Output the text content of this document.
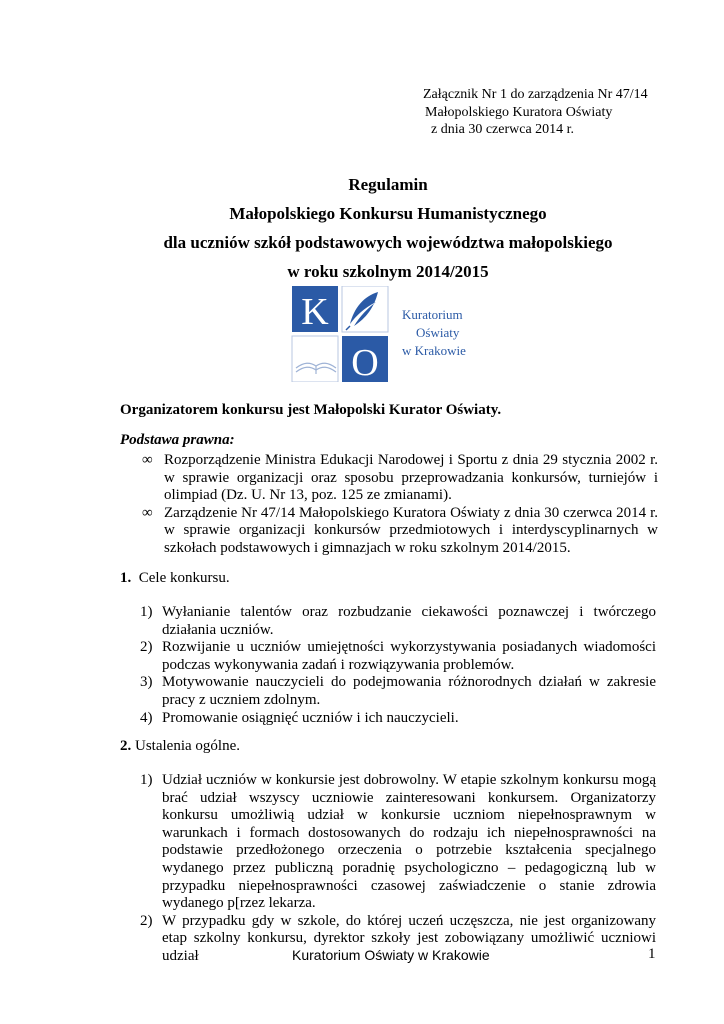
Załącznik Nr 1 do zarządzenia Nr 47/14
Małopolskiego Kuratora Oświaty
z dnia 30 czerwca 2014 r.
Regulamin
Małopolskiego Konkursu Humanistycznego
dla uczniów szkół podstawowych województwa małopolskiego
w roku szkolnym 2014/2015
K
O
Kuratorium
Oświaty
w Krakowie
Organizatorem konkursu jest Małopolski Kurator Oświaty.
Podstawa prawna:
∞ Rozporządzenie Ministra Edukacji Narodowej i Sportu z dnia 29 stycznia 2002 r. w sprawie organizacji oraz sposobu przeprowadzania konkursów, turniejów i olimpiad (Dz. U. Nr 13, poz. 125 ze zmianami).
∞ Zarządzenie Nr 47/14 Małopolskiego Kuratora Oświaty z dnia 30 czerwca 2014 r. w sprawie organizacji konkursów przedmiotowych i interdyscyplinarnych w szkołach podstawowych i gimnazjach w roku szkolnym 2014/2015.
1. Cele konkursu.
1) Wyłanianie talentów oraz rozbudzanie ciekawości poznawczej i twórczego działania uczniów.
2) Rozwijanie u uczniów umiejętności wykorzystywania posiadanych wiadomości podczas wykonywania zadań i rozwiązywania problemów.
3) Motywowanie nauczycieli do podejmowania różnorodnych działań w zakresie pracy z uczniem zdolnym.
4) Promowanie osiągnięć uczniów i ich nauczycieli.
2. Ustalenia ogólne.
1) Udział uczniów w konkursie jest dobrowolny. W etapie szkolnym konkursu mogą brać udział wszyscy uczniowie zainteresowani konkursem. Organizatorzy konkursu umożliwią udział w konkursie uczniom niepełnosprawnym w warunkach i formach dostosowanych do rodzaju ich niepełnosprawności na podstawie przedłożonego orzeczenia o potrzebie kształcenia specjalnego wydanego przez publiczną poradnię psychologiczno – pedagogiczną lub w przypadku niepełnosprawności czasowej zaświadczenie o stanie zdrowia wydanego p[rzez lekarza.
2) W przypadku gdy w szkole, do której uczeń uczęszcza, nie jest organizowany etap szkolny konkursu, dyrektor szkoły jest zobowiązany umożliwić uczniowi udział	Kuratorium Oświaty w Krakowie	1
